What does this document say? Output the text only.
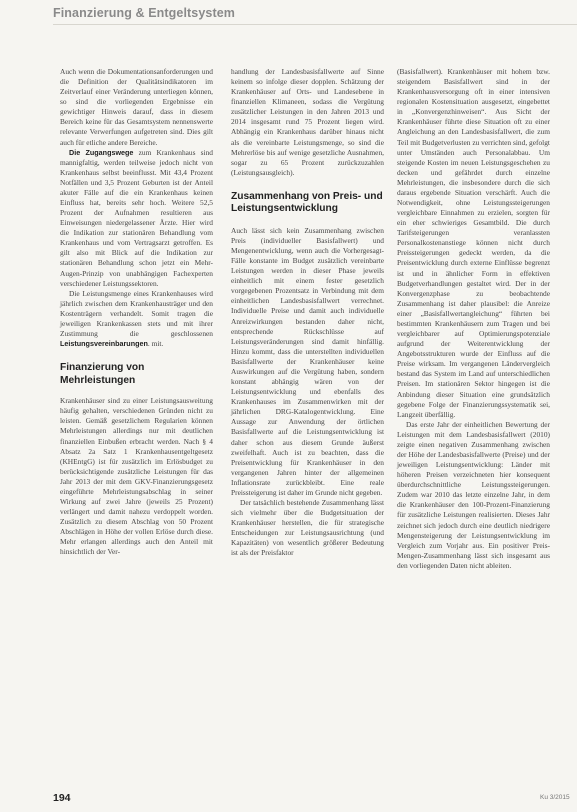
Finanzierung & Entgeltsystem

Auch wenn die Dokumentationsanforderungen und die Definition der Qualitätsindikatoren im Zeitverlauf einer Veränderung unterliegen können, so sind die vorliegenden Ergebnisse ein gewichtiger Hinweis darauf, dass in diesem Bereich keine für das Gesamtsystem nennenswerte relevante Verwerfungen aufgetreten sind. Dies gilt auch für etliche andere Bereiche.

Die Zugangswege zum Krankenhaus sind mannigfaltig, werden teilweise jedoch nicht von Krankenhaus selbst beeinflusst. Mit 43,4 Prozent Notfällen und 3,5 Prozent Geburten ist der Anteil akuter Fälle auf die ein Krankenhaus keinen Einfluss hat, bereits sehr hoch. Weitere 52,5 Prozent der Aufnahmen resultieren aus Einweisungen niedergelassener Ärzte. Hier wird die Indikation zur stationären Behandlung vom Krankenhaus und vom Vertragsarzt getroffen. Es gilt also mit Blick auf die Indikation zur stationären Behandlung schon jetzt ein Mehr-Augen-Prinzip von unabhängigen Fachexperten verschiedener Leistungssektoren.

Die Leistungsmenge eines Krankenhauses wird jährlich zwischen dem Krankenhausträger und den Kostenträgern verhandelt. Somit tragen die jeweiligen Krankenkassen stets und mit ihrer Zustimmung die geschlossenen Leistungsvereinbarungen. mit.

Finanzierung von Mehrleistungen

Krankenhäuser sind zu einer Leistungsausweitung häufig gehalten, verschiedenen Gründen nicht zu leisten. Gemäß gesetzlichem Regularien können Mehrleistungen allerdings nur mit deutlichen finanziellen Einbußen erbracht werden. Nach § 4 Absatz 2a Satz 1 Krankenhausentgeltgesetz (KHEntgG) ist für zusätzlich im Erlösbudget zu berücksichtigende zusätzliche Leistungen für das Jahr 2013 der mit dem GKV-Finanzierungsgesetz eingeführte Mehrleistungsabschlag in seiner Wirkung auf zwei Jahre (jeweils 25 Prozent) verlängert und damit nahezu verdoppelt worden. Zusätzlich zu diesem Abschlag von 50 Prozent Abschlägen in Höhe der vollen Erlöse durch diese. Mehr erlangen allerdings auch den Anteil mit hinsichtlich der Ver-

handlung der Landesbasisfallwerte auf Sinne keinem so infolge dieser dopplen. Schätzung der Krankenhäuser auf Orts- und Landesebene in finanziellen Klimaneen, sodass die Vergütung zusätzlicher Leistungen in den Jahren 2013 und 2014 insgesamt rund 75 Prozent liegen wird. Abhängig ein Krankenhaus darüber hinaus nicht als die vereinbarte Leistungsmenge, so sind die Mehrerlöse bis auf wenige gesetzliche Ausnahmen, sogar zu 65 Prozent zurückzuzahlen (Leistungsausgleich).

Zusammenhang von Preis- und Leistungsentwicklung

Auch lässt sich kein Zusammenhang zwischen Preis (individueller Basisfallwert) und Mengenentwicklung, wenn auch die Vorhergesagt-Fälle konstante im Budget zusätzlich vereinbarte Leistungen werden in dieser Phase jeweils einheitlich mit einem fester gesetzlich vorgegebenen Prozentsatz in Verbindung mit dem einheitlichen Landesbasisfallwert verrechnet. Individuelle Preise und damit auch individuelle Anreizwirkungen bestanden daher nicht, entsprechende Rückschlüsse auf Leistungsveränderungen sind damit hinfällig. Hinzu kommt, dass die unterstellten individuellen Basisfallwerte der Krankenhäuser keine Auswirkungen auf die Vergütung haben, sondern konstant abhängig wären von der Leistungsentwicklung und ebenfalls des Krankenhauses im Zusammenwirken mit der jährlichen DRG-Katalogentwicklung. Eine Aussage zur Anwendung der örtlichen Basisfallwerte auf die Leistungsentwicklung ist daher schon aus diesem Grunde äußerst zweifelhaft. Auch ist zu beachten, dass die Preisentwicklung für Krankenhäuser in den vergangenen Jahren hinter der allgemeinen Inflationsrate zurückbleibt. Eine reale Preissteigerung ist daher im Grunde nicht gegeben.

Der tatsächlich bestehende Zusammenhang lässt sich vielmehr über die Budgetsituation der Krankenhäuser herstellen, die für strategische Entscheidungen zur Leistungsausrichtung (und Kapazitäten) von wesentlich größerer Bedeutung ist als der Preisfaktor

(Basisfallwert). Krankenhäuser mit hohem bzw. steigendem Basisfallwert sind in der Krankenhausversorgung oft in einer intensiven regionalen Kostensituation ausgesetzt, eingebettet in „Konvergenzhinweisen“. Aus Sicht der Krankenhäuser führte diese Situation oft zu einer Angleichung an den Landesbasisfallwert, die zum Teil mit Budgetverlusten zu verrichten sind, gefolgt unter Umständen auch Personalabbau. Um steigende Kosten im neuen Leistungsgeschehen zu decken und gefährdet durch einzelne Mehrleistungen, die insbesondere durch die sich daraus ergebende Situation verschärft. Auch die Notwendigkeit, ohne Leistungssteigerungen vergleichbare Einnahmen zu erzielen, sorgten für ein eher schwieriges Gesamtbild. Die durch Tarifsteigerungen veranlassten Personalkostenanstiege können nicht durch Preissteigerungen gedeckt werden, da die Preisentwicklung durch externe Einflüsse begrenzt ist und in ähnlicher Form in effektiven Budgetverhandlungen gestaltet wird. Der in der Konvergenzphase zu beobachtende Zusammenhang ist daher plausibel: die Anreize einer „Basisfallwertangleichung“ führten bei bestimmten Krankenhäusern zum Tragen und bei vergleichbarer auf Optimierungspotenziale aufgrund der Weiterentwicklung der Angebotsstrukturen wurde der Einfluss auf die Preise wirksam. Im vergangenen Ländervergleich bestand das System im Land auf unterschiedlichen Preisen. Im stationären Sektor hingegen ist die Anbindung dieser Situation eine grundsätzlich gegebene Folge der Finanzierungssystematik sei, Langzeit überfällig.

Das erste Jahr der einheitlichen Bewertung der Leistungen mit dem Landesbasisfallwert (2010) zeigte einen negativen Zusammenhang zwischen der Höhe der Landesbasisfallwerte (Preise) und der jeweiligen Leistungsentwicklung: Länder mit höheren Preisen verzeichneten hier konsequent überdurchschnittliche Leistungssteigerungen. Zudem war 2010 das letzte einzelne Jahr, in dem die Krankenhäuser den 100-Prozent-Finanzierung für zusätzliche Leistungen realisierten. Dieses Jahr zeichnet sich jedoch durch eine deutlich niedrigere Mengensteigerung der Leistungsentwicklung im Vergleich zum Vorjahr aus. Ein positiver Preis-Mengen-Zusammenhang lässt sich insgesamt aus den vorliegenden Daten nicht ableiten.

194	Ku 3/2015
